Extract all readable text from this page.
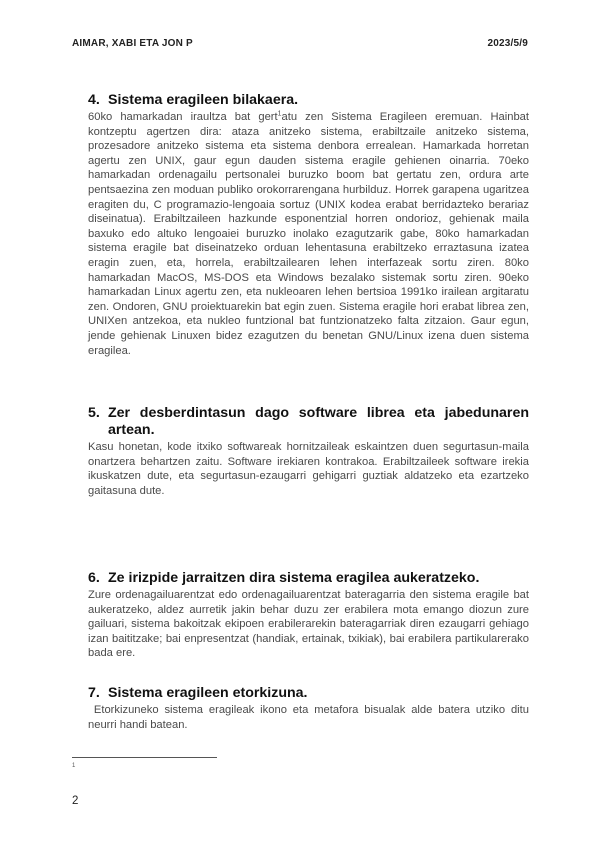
AIMAR, XABI ETA JON P	2023/5/9
4. Sistema eragileen bilakaera.
60ko hamarkadan iraultza bat gert$^1$atu zen Sistema Eragileen eremuan. Hainbat kontzeptu agertzen dira: ataza anitzeko sistema, erabiltzaile anitzeko sistema, prozesadore anitzeko sistema eta sistema denbora errealean. Hamarkada horretan agertu zen UNIX, gaur egun dauden sistema eragile gehienen oinarria. 70eko hamarkadan ordenagailu pertsonalei buruzko boom bat gertatu zen, ordura arte pentsaezina zen moduan publiko orokorrarengana hurbilduz. Horrek garapena ugaritzea eragiten du, C programazio-lengoaia sortuz (UNIX kodea erabat berridazteko berariaz diseinatua). Erabiltzaileen hazkunde esponentzial horren ondorioz, gehienak maila baxuko edo altuko lengoaiei buruzko inolako ezagutzarik gabe, 80ko hamarkadan sistema eragile bat diseinatzeko orduan lehentasuna erabiltzeko erraztasuna izatea eragin zuen, eta, horrela, erabiltzailearen lehen interfazeak sortu ziren. 80ko hamarkadan MacOS, MS-DOS eta Windows bezalako sistemak sortu ziren. 90eko hamarkadan Linux agertu zen, eta nukleoaren lehen bertsioa 1991ko irailean argitaratu zen. Ondoren, GNU proiektuarekin bat egin zuen. Sistema eragile hori erabat librea zen, UNIXen antzekoa, eta nukleo funtzional bat funtzionatzeko falta zitzaion. Gaur egun, jende gehienak Linuxen bidez ezagutzen du benetan GNU/Linux izena duen sistema eragilea.
5. Zer desberdintasun dago software librea eta jabedunaren artean.
Kasu honetan, kode itxiko softwareak hornitzaileak eskaintzen duen segurtasun-maila onartzera behartzen zaitu. Software irekiaren kontrakoa. Erabiltzaileek software irekia ikuskatzen dute, eta segurtasun-ezaugarri gehigarri guztiak aldatzeko eta ezartzeko gaitasuna dute.
6. Ze irizpide jarraitzen dira sistema eragilea aukeratzeko.
Zure ordenagailuarentzat edo ordenagailuarentzat bateragarria den sistema eragile bat aukeratzeko, aldez aurretik jakin behar duzu zer erabilera mota emango diozun zure gailuari, sistema bakoitzak ekipoen erabilerarekin bateragarriak diren ezaugarri gehiago izan baititzake; bai enpresentzat (handiak, ertainak, txikiak), bai erabilera partikularerako bada ere.
7. Sistema eragileen etorkizuna.
Etorkizuneko sistema eragileak ikono eta metafora bisualak alde batera utziko ditu neurri handi batean.
1
2
